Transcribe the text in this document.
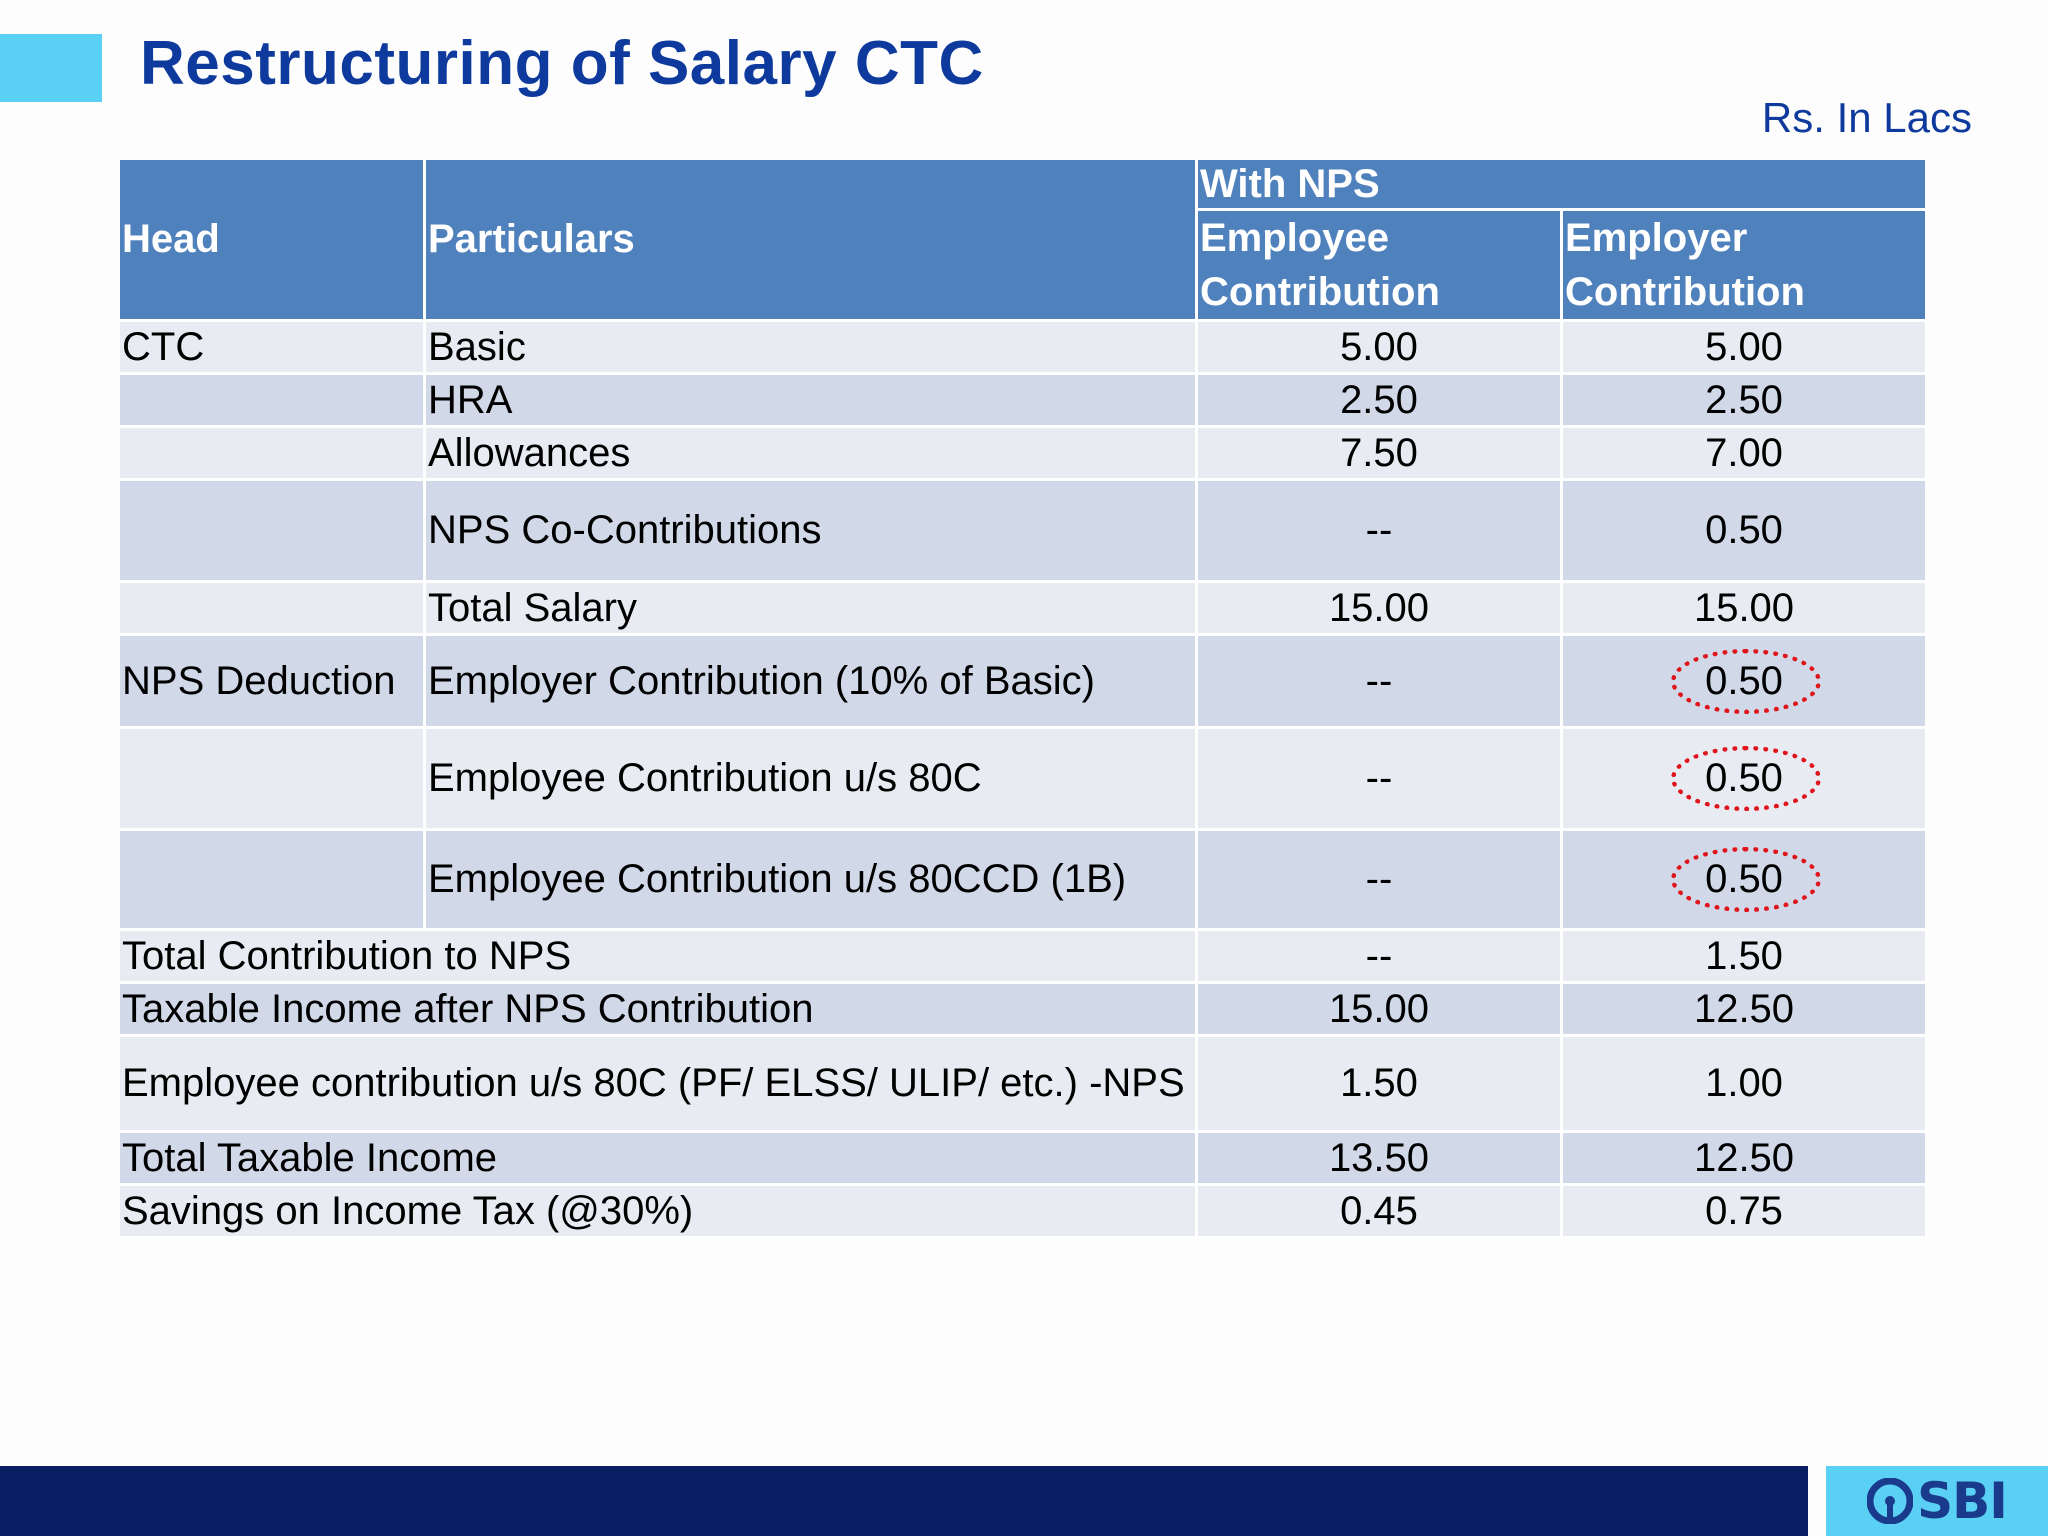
Restructuring of Salary CTC
Rs. In Lacs
Head	Particulars	With NPS	
		Employee Contribution	Employer Contribution
CTC	Basic	5.00	5.00
	HRA	2.50	2.50
	Allowances	7.50	7.00
	NPS Co-Contributions	--	0.50
	Total Salary	15.00	15.00
NPS Deduction	Employer Contribution (10% of Basic)	--	0.50
	Employee Contribution u/s 80C	--	0.50
	Employee Contribution u/s 80CCD (1B)	--	0.50
Total Contribution to NPS		--	1.50
Taxable Income after NPS Contribution		15.00	12.50
Employee contribution u/s 80C (PF/ ELSS/ ULIP/ etc.) -NPS		1.50	1.00
Total Taxable Income		13.50	12.50
Savings on Income Tax (@30%)		0.45	0.75
SBI
